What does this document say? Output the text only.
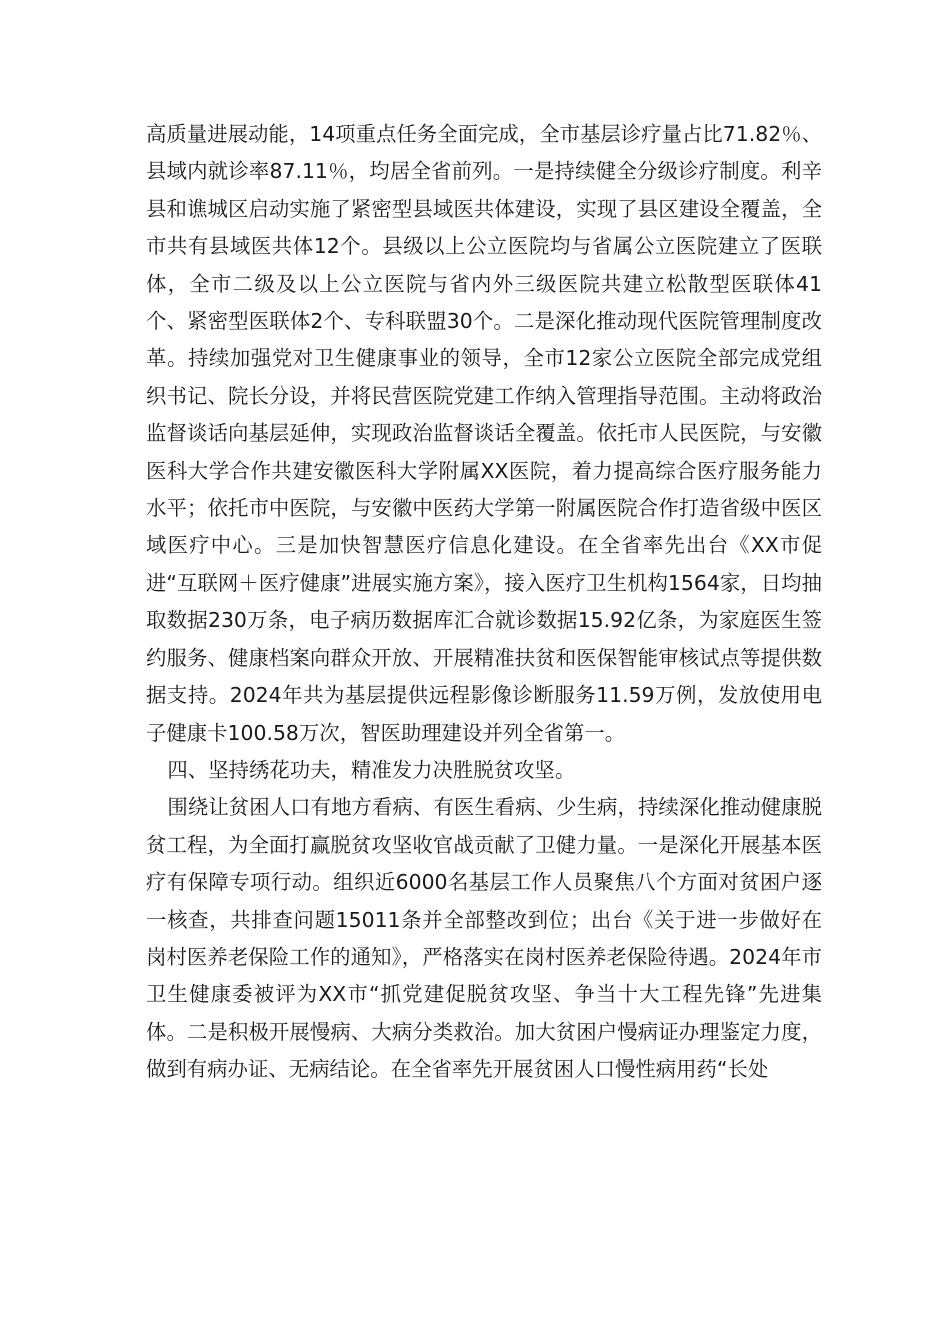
高质量进展动能，14项重点任务全面完成，全市基层诊疗量占比71.82％、县域内就诊率87.11％，均居全省前列。一是持续健全分级诊疗制度。利辛县和谯城区启动实施了紧密型县域医共体建设，实现了县区建设全覆盖，全市共有县域医共体12个。县级以上公立医院均与省属公立医院建立了医联体，全市二级及以上公立医院与省内外三级医院共建立松散型医联体41个、紧密型医联体2个、专科联盟30个。二是深化推动现代医院管理制度改革。持续加强党对卫生健康事业的领导，全市12家公立医院全部完成党组织书记、院长分设，并将民营医院党建工作纳入管理指导范围。主动将政治监督谈话向基层延伸，实现政治监督谈话全覆盖。依托市人民医院，与安徽医科大学合作共建安徽医科大学附属XX医院，着力提高综合医疗服务能力水平；依托市中医院，与安徽中医药大学第一附属医院合作打造省级中医区域医疗中心。三是加快智慧医疗信息化建设。在全省率先出台《XX市促进“互联网＋医疗健康”进展实施方案》，接入医疗卫生机构1564家，日均抽取数据230万条，电子病历数据库汇合就诊数据15.92亿条，为家庭医生签约服务、健康档案向群众开放、开展精准扶贫和医保智能审核试点等提供数据支持。2024年共为基层提供远程影像诊断服务11.59万例，发放使用电子健康卡100.58万次，智医助理建设并列全省第一。

四、坚持绣花功夫，精准发力决胜脱贫攻坚。

围绕让贫困人口有地方看病、有医生看病、少生病，持续深化推动健康脱贫工程，为全面打赢脱贫攻坚收官战贡献了卫健力量。一是深化开展基本医疗有保障专项行动。组织近6000名基层工作人员聚焦八个方面对贫困户逐一核查，共排查问题15011条并全部整改到位；出台《关于进一步做好在岗村医养老保险工作的通知》，严格落实在岗村医养老保险待遇。2024年市卫生健康委被评为XX市“抓党建促脱贫攻坚、争当十大工程先锋”先进集体。二是积极开展慢病、大病分类救治。加大贫困户慢病证办理鉴定力度，做到有病办证、无病结论。在全省率先开展贫困人口慢性病用药“长处
